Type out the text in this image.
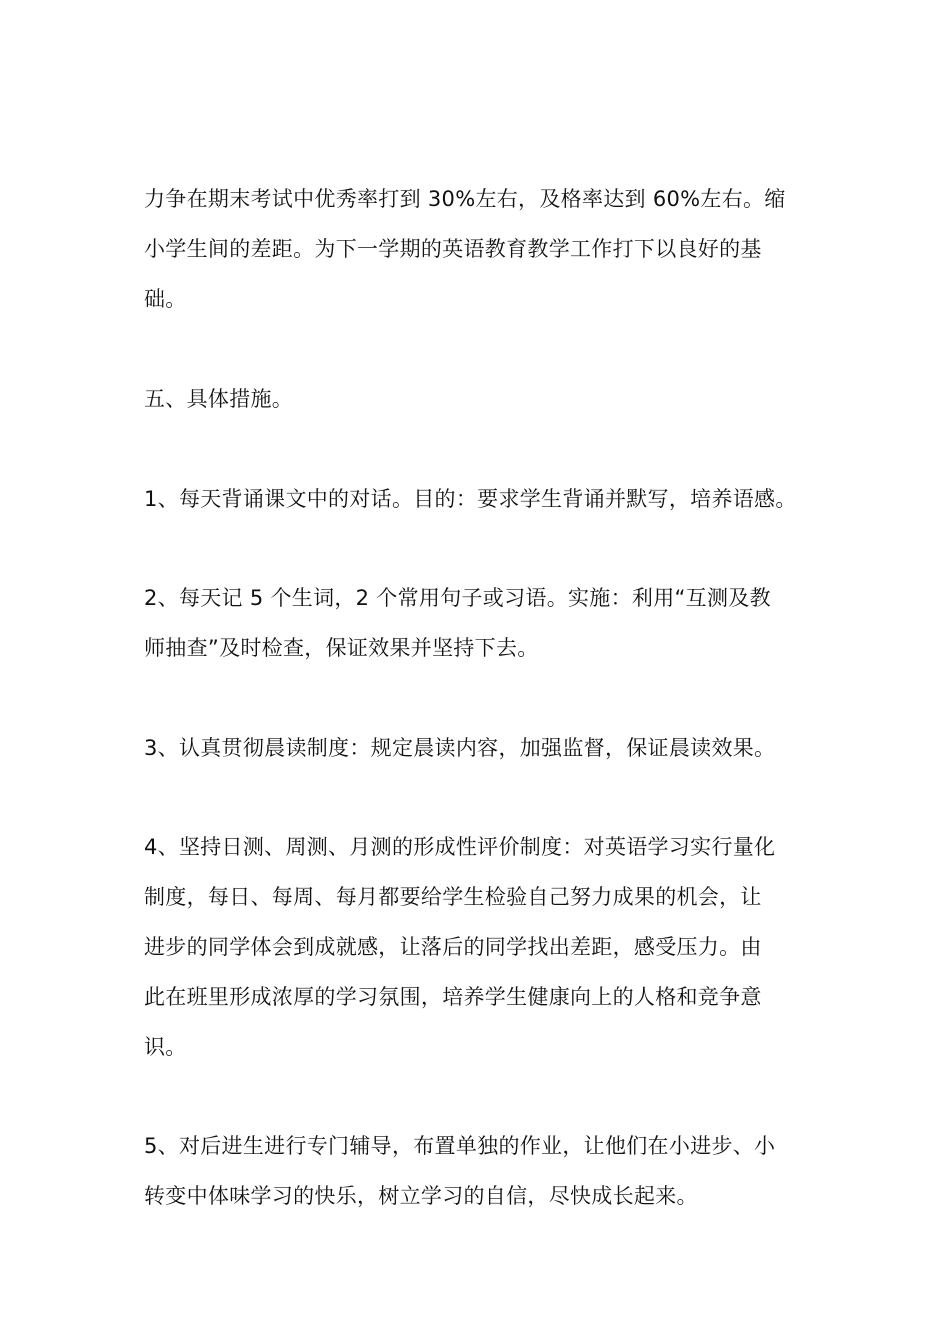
力争在期末考试中优秀率打到 30%左右，及格率达到 60%左右。缩
小学生间的差距。为下一学期的英语教育教学工作打下以良好的基
础。
五、具体措施。
1、每天背诵课文中的对话。目的：要求学生背诵并默写，培养语感。
2、每天记 5 个生词，2 个常用句子或习语。实施：利用“互测及教
师抽查”及时检查，保证效果并坚持下去。
3、认真贯彻晨读制度：规定晨读内容，加强监督，保证晨读效果。
4、坚持日测、周测、月测的形成性评价制度：对英语学习实行量化
制度，每日、每周、每月都要给学生检验自己努力成果的机会，让
进步的同学体会到成就感，让落后的同学找出差距，感受压力。由
此在班里形成浓厚的学习氛围，培养学生健康向上的人格和竞争意
识。
5、对后进生进行专门辅导，布置单独的作业，让他们在小进步、小
转变中体味学习的快乐，树立学习的自信，尽快成长起来。
